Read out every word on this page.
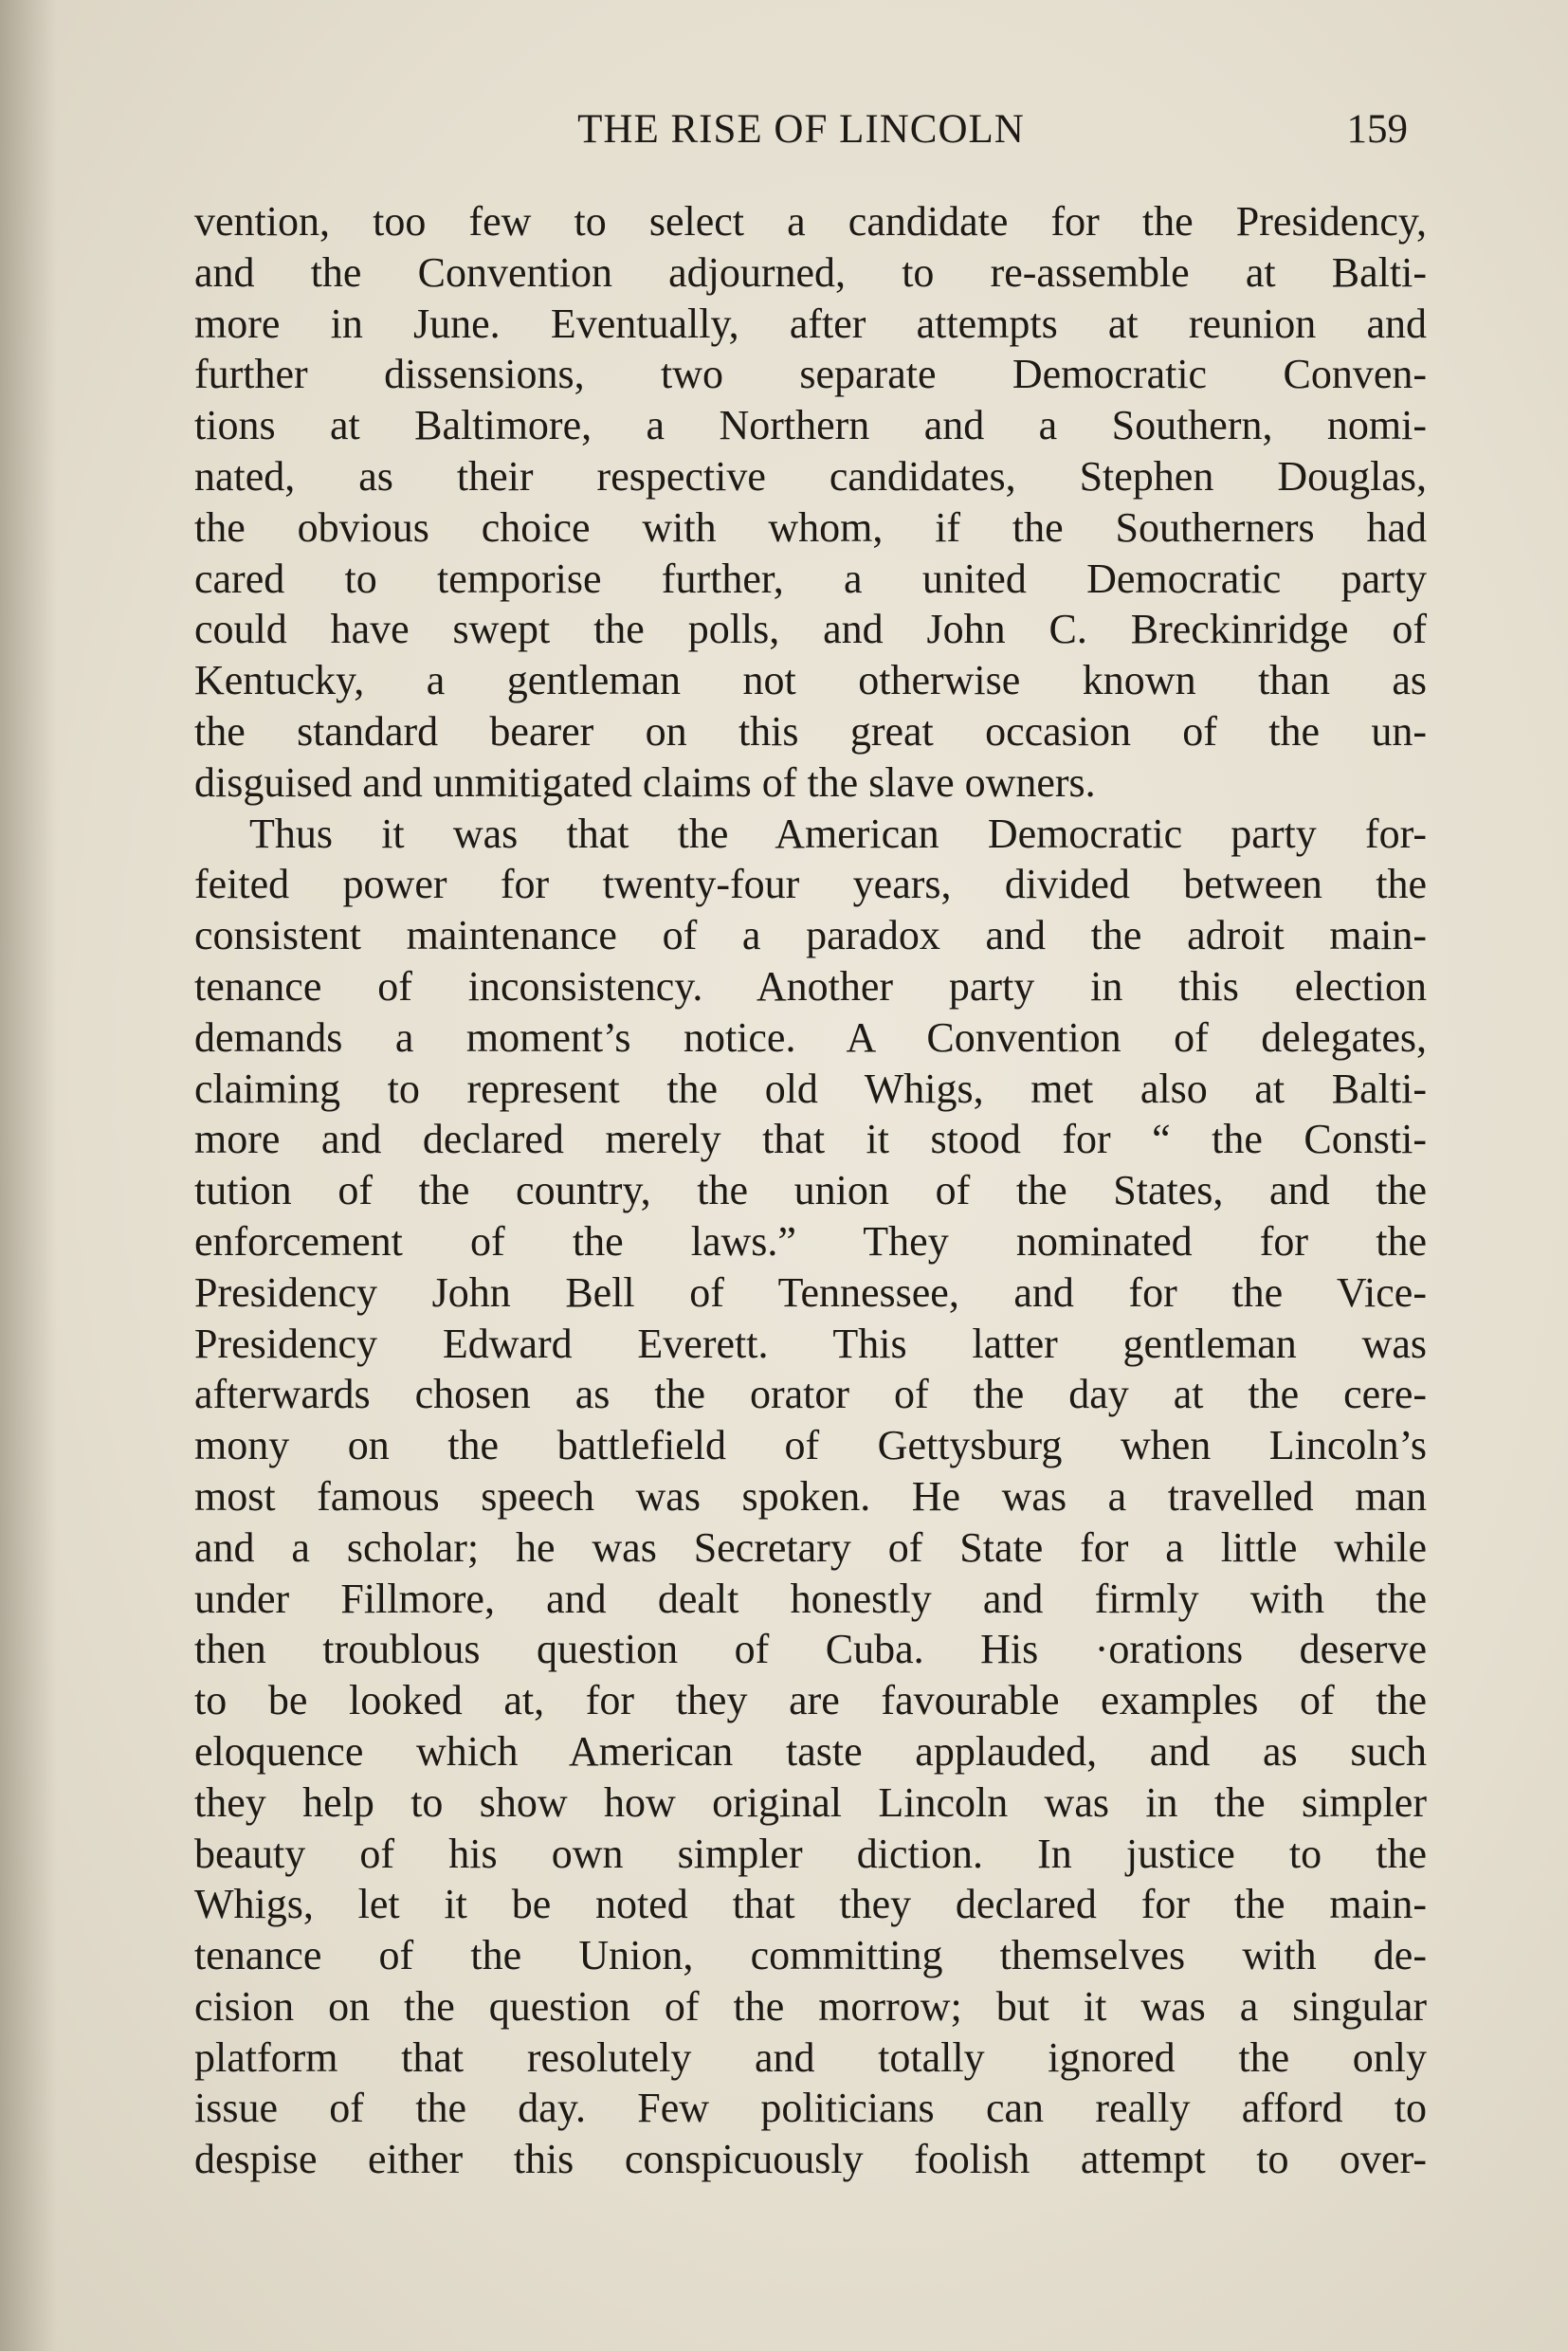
THE RISE OF LINCOLN	159
vention, too few to select a candidate for the Presidency,
and the Convention adjourned, to re-assemble at Balti-
more in June. Eventually, after attempts at reunion and
further dissensions, two separate Democratic Conven-
tions at Baltimore, a Northern and a Southern, nomi-
nated, as their respective candidates, Stephen Douglas,
the obvious choice with whom, if the Southerners had
cared to temporise further, a united Democratic party
could have swept the polls, and John C. Breckinridge of
Kentucky, a gentleman not otherwise known than as
the standard bearer on this great occasion of the un-
disguised and unmitigated claims of the slave owners.
Thus it was that the American Democratic party for-
feited power for twenty-four years, divided between the
consistent maintenance of a paradox and the adroit main-
tenance of inconsistency. Another party in this election
demands a moment’s notice. A Convention of delegates,
claiming to represent the old Whigs, met also at Balti-
more and declared merely that it stood for “ the Consti-
tution of the country, the union of the States, and the
enforcement of the laws.” They nominated for the
Presidency John Bell of Tennessee, and for the Vice-
Presidency Edward Everett. This latter gentleman was
afterwards chosen as the orator of the day at the cere-
mony on the battlefield of Gettysburg when Lincoln’s
most famous speech was spoken. He was a travelled man
and a scholar; he was Secretary of State for a little while
under Fillmore, and dealt honestly and firmly with the
then troublous question of Cuba. His ·orations deserve
to be looked at, for they are favourable examples of the
eloquence which American taste applauded, and as such
they help to show how original Lincoln was in the simpler
beauty of his own simpler diction. In justice to the
Whigs, let it be noted that they declared for the main-
tenance of the Union, committing themselves with de-
cision on the question of the morrow; but it was a singular
platform that resolutely and totally ignored the only
issue of the day. Few politicians can really afford to
despise either this conspicuously foolish attempt to over-
